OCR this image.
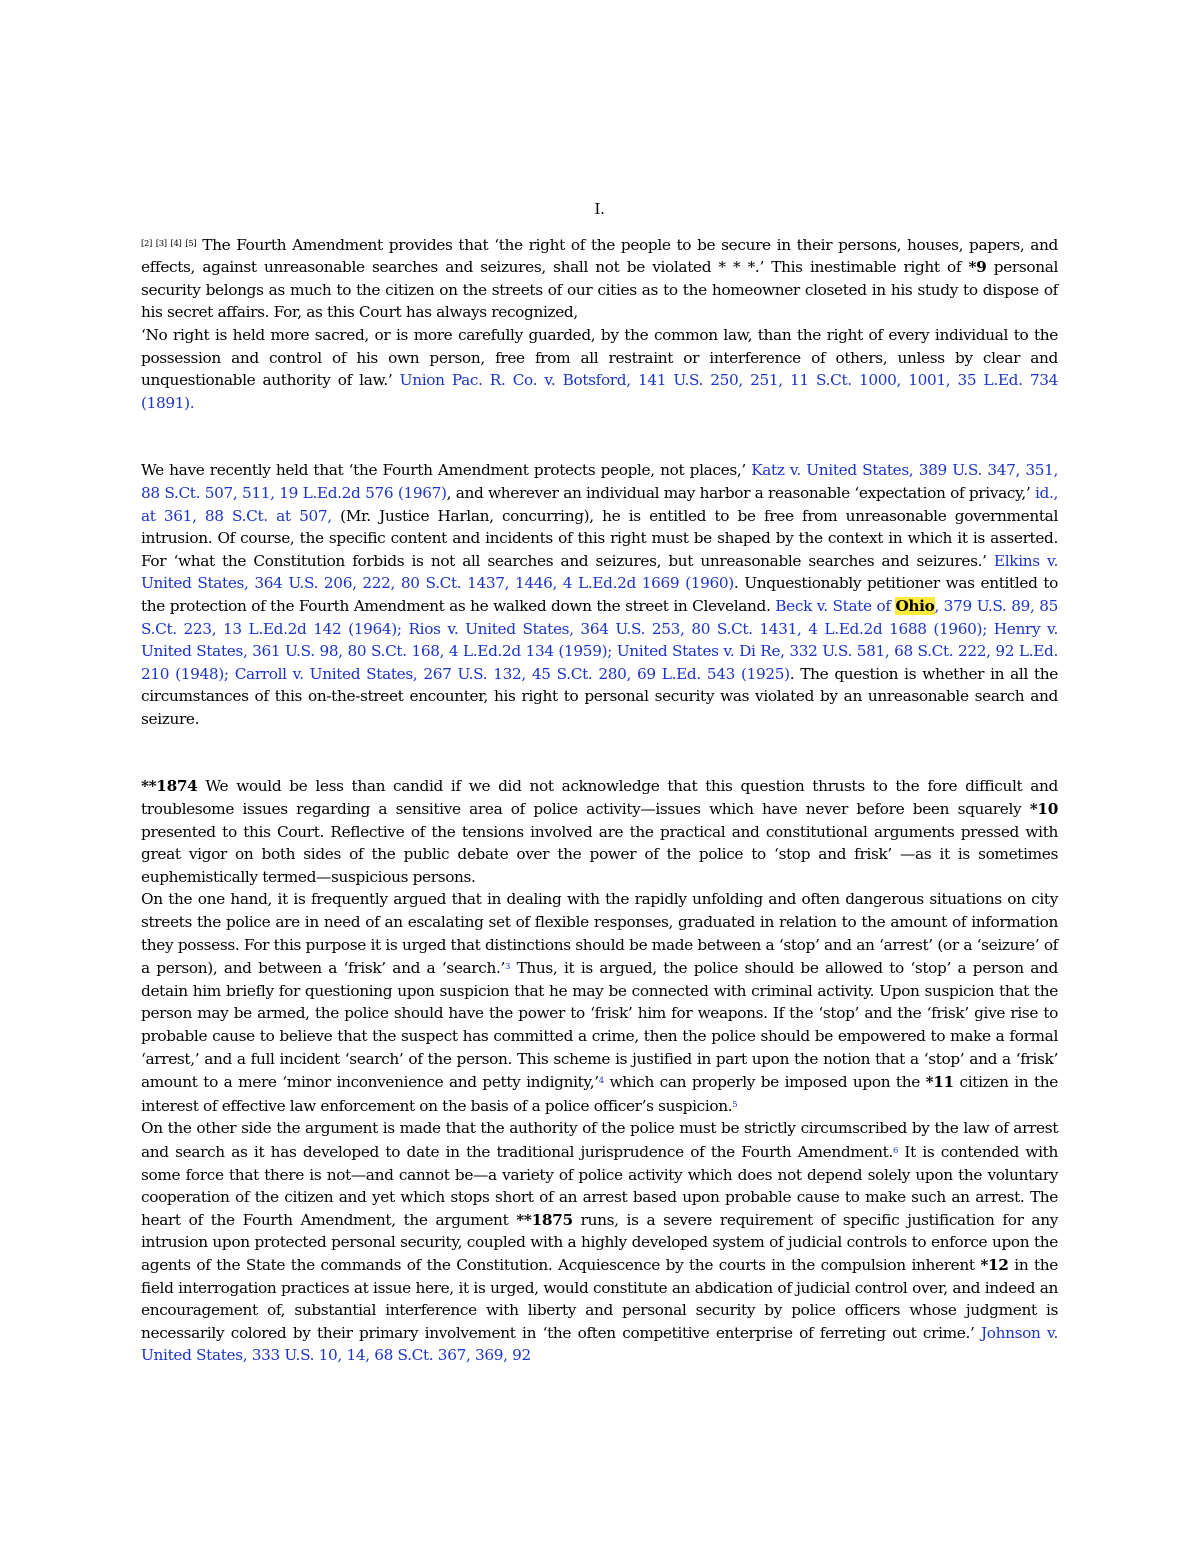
I.

[2] [3] [4] [5] The Fourth Amendment provides that ‘the right of the people to be secure in their persons, houses, papers, and effects, against unreasonable searches and seizures, shall not be violated * * *.’ This inestimable right of *9 personal security belongs as much to the citizen on the streets of our cities as to the homeowner closeted in his study to dispose of his secret affairs. For, as this Court has always recognized,

‘No right is held more sacred, or is more carefully guarded, by the common law, than the right of every individual to the possession and control of his own person, free from all restraint or interference of others, unless by clear and unquestionable authority of law.’ Union Pac. R. Co. v. Botsford, 141 U.S. 250, 251, 11 S.Ct. 1000, 1001, 35 L.Ed. 734 (1891).

We have recently held that ‘the Fourth Amendment protects people, not places,’ Katz v. United States, 389 U.S. 347, 351, 88 S.Ct. 507, 511, 19 L.Ed.2d 576 (1967), and wherever an individual may harbor a reasonable ‘expectation of privacy,’ id., at 361, 88 S.Ct. at 507, (Mr. Justice Harlan, concurring), he is entitled to be free from unreasonable governmental intrusion. Of course, the specific content and incidents of this right must be shaped by the context in which it is asserted. For ‘what the Constitution forbids is not all searches and seizures, but unreasonable searches and seizures.’ Elkins v. United States, 364 U.S. 206, 222, 80 S.Ct. 1437, 1446, 4 L.Ed.2d 1669 (1960). Unquestionably petitioner was entitled to the protection of the Fourth Amendment as he walked down the street in Cleveland. Beck v. State of Ohio, 379 U.S. 89, 85 S.Ct. 223, 13 L.Ed.2d 142 (1964); Rios v. United States, 364 U.S. 253, 80 S.Ct. 1431, 4 L.Ed.2d 1688 (1960); Henry v. United States, 361 U.S. 98, 80 S.Ct. 168, 4 L.Ed.2d 134 (1959); United States v. Di Re, 332 U.S. 581, 68 S.Ct. 222, 92 L.Ed. 210 (1948); Carroll v. United States, 267 U.S. 132, 45 S.Ct. 280, 69 L.Ed. 543 (1925). The question is whether in all the circumstances of this on-the-street encounter, his right to personal security was violated by an unreasonable search and seizure.

**1874 We would be less than candid if we did not acknowledge that this question thrusts to the fore difficult and troublesome issues regarding a sensitive area of police activity—issues which have never before been squarely *10 presented to this Court. Reflective of the tensions involved are the practical and constitutional arguments pressed with great vigor on both sides of the public debate over the power of the police to ‘stop and frisk’ —as it is sometimes euphemistically termed—suspicious persons.

On the one hand, it is frequently argued that in dealing with the rapidly unfolding and often dangerous situations on city streets the police are in need of an escalating set of flexible responses, graduated in relation to the amount of information they possess. For this purpose it is urged that distinctions should be made between a ‘stop’ and an ‘arrest’ (or a ‘seizure’ of a person), and between a ‘frisk’ and a ‘search.’$^3$ Thus, it is argued, the police should be allowed to ‘stop’ a person and detain him briefly for questioning upon suspicion that he may be connected with criminal activity. Upon suspicion that the person may be armed, the police should have the power to ‘frisk’ him for weapons. If the ‘stop’ and the ‘frisk’ give rise to probable cause to believe that the suspect has committed a crime, then the police should be empowered to make a formal ‘arrest,’ and a full incident ‘search’ of the person. This scheme is justified in part upon the notion that a ‘stop’ and a ‘frisk’ amount to a mere ‘minor inconvenience and petty indignity,’$^4$ which can properly be imposed upon the *11 citizen in the interest of effective law enforcement on the basis of a police officer’s suspicion.$^5$

On the other side the argument is made that the authority of the police must be strictly circumscribed by the law of arrest and search as it has developed to date in the traditional jurisprudence of the Fourth Amendment.$^6$ It is contended with some force that there is not—and cannot be—a variety of police activity which does not depend solely upon the voluntary cooperation of the citizen and yet which stops short of an arrest based upon probable cause to make such an arrest. The heart of the Fourth Amendment, the argument **1875 runs, is a severe requirement of specific justification for any intrusion upon protected personal security, coupled with a highly developed system of judicial controls to enforce upon the agents of the State the commands of the Constitution. Acquiescence by the courts in the compulsion inherent *12 in the field interrogation practices at issue here, it is urged, would constitute an abdication of judicial control over, and indeed an encouragement of, substantial interference with liberty and personal security by police officers whose judgment is necessarily colored by their primary involvement in ‘the often competitive enterprise of ferreting out crime.’ Johnson v. United States, 333 U.S. 10, 14, 68 S.Ct. 367, 369, 92
